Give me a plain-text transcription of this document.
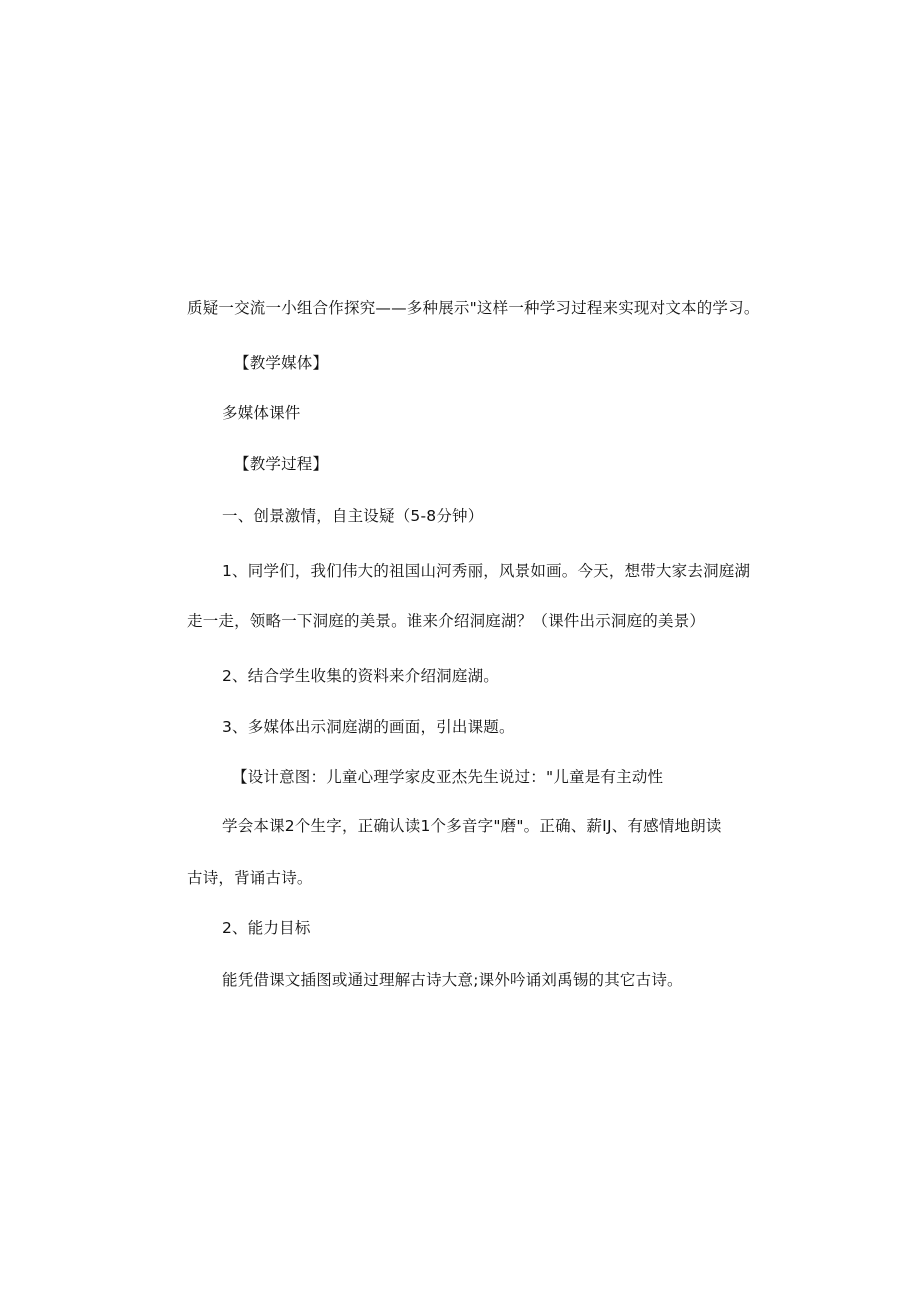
质疑一交流一小组合作探究——多种展示"这样一种学习过程来实现对文本的学习。
【教学媒体】
多媒体课件
【教学过程】
一、创景激情，自主设疑（5-8分钟）
1、同学们，我们伟大的祖国山河秀丽，风景如画。今天，想带大家去洞庭湖
走一走，领略一下洞庭的美景。谁来介绍洞庭湖？（课件出示洞庭的美景）
2、结合学生收集的资料来介绍洞庭湖。
3、多媒体出示洞庭湖的画面，引出课题。
【设计意图：儿童心理学家皮亚杰先生说过："儿童是有主动性
学会本课2个生字，正确认读1个多音字"磨"。正确、薪IJ、有感情地朗读
古诗，背诵古诗。
2、能力目标
能凭借课文插图或通过理解古诗大意;课外吟诵刘禹锡的其它古诗。
